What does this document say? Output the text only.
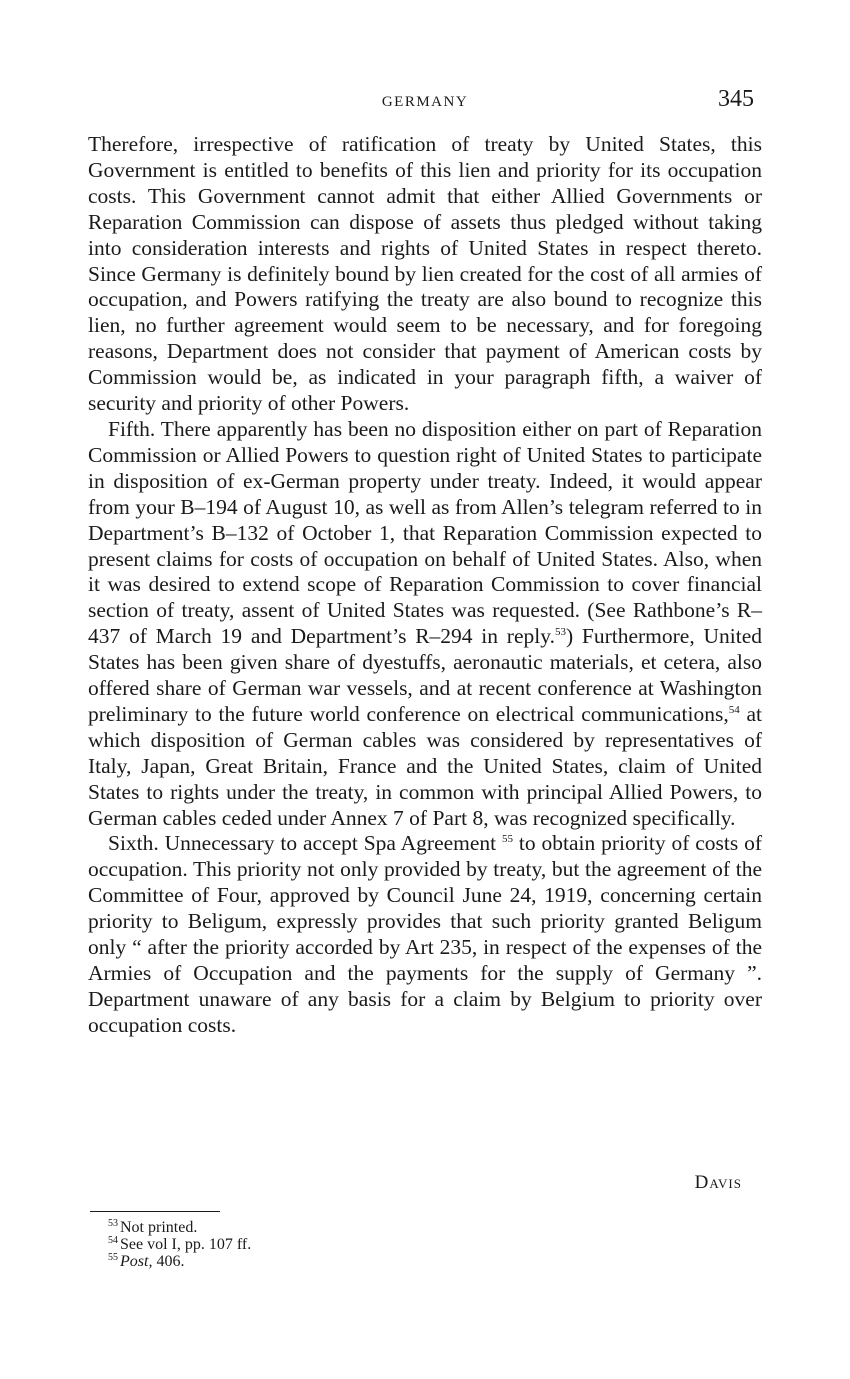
GERMANY	345

Therefore, irrespective of ratification of treaty by United States, this Government is entitled to benefits of this lien and priority for its occupation costs. This Government cannot admit that either Allied Governments or Reparation Commission can dispose of assets thus pledged without taking into consideration interests and rights of United States in respect thereto. Since Germany is definitely bound by lien created for the cost of all armies of occupation, and Powers ratifying the treaty are also bound to recognize this lien, no further agreement would seem to be necessary, and for foregoing reasons, Department does not consider that payment of American costs by Commission would be, as indicated in your paragraph fifth, a waiver of security and priority of other Powers.

Fifth. There apparently has been no disposition either on part of Reparation Commission or Allied Powers to question right of United States to participate in disposition of ex-German property under treaty. Indeed, it would appear from your B–194 of August 10, as well as from Allen’s telegram referred to in Department’s B–132 of October 1, that Reparation Commission expected to present claims for costs of occupation on behalf of United States. Also, when it was desired to extend scope of Reparation Commission to cover financial section of treaty, assent of United States was requested. (See Rathbone’s R–437 of March 19 and Department’s R–294 in reply.$^{53}$) Furthermore, United States has been given share of dyestuffs, aeronautic materials, et cetera, also offered share of German war vessels, and at recent conference at Washington preliminary to the future world conference on electrical communications,$^{54}$ at which disposition of German cables was considered by representatives of Italy, Japan, Great Britain, France and the United States, claim of United States to rights under the treaty, in common with principal Allied Powers, to German cables ceded under Annex 7 of Part 8, was recognized specifically.

Sixth. Unnecessary to accept Spa Agreement $^{55}$ to obtain priority of costs of occupation. This priority not only provided by treaty, but the agreement of the Committee of Four, approved by Council June 24, 1919, concerning certain priority to Beligum, expressly provides that such priority granted Beligum only “ after the priority accorded by Art 235, in respect of the expenses of the Armies of Occupation and the payments for the supply of Germany ”. Department unaware of any basis for a claim by Belgium to priority over occupation costs.

Davis
$^{53}$ Not printed.
$^{54}$ See vol I, pp. 107 ff.
$^{55}$ Post, 406.
